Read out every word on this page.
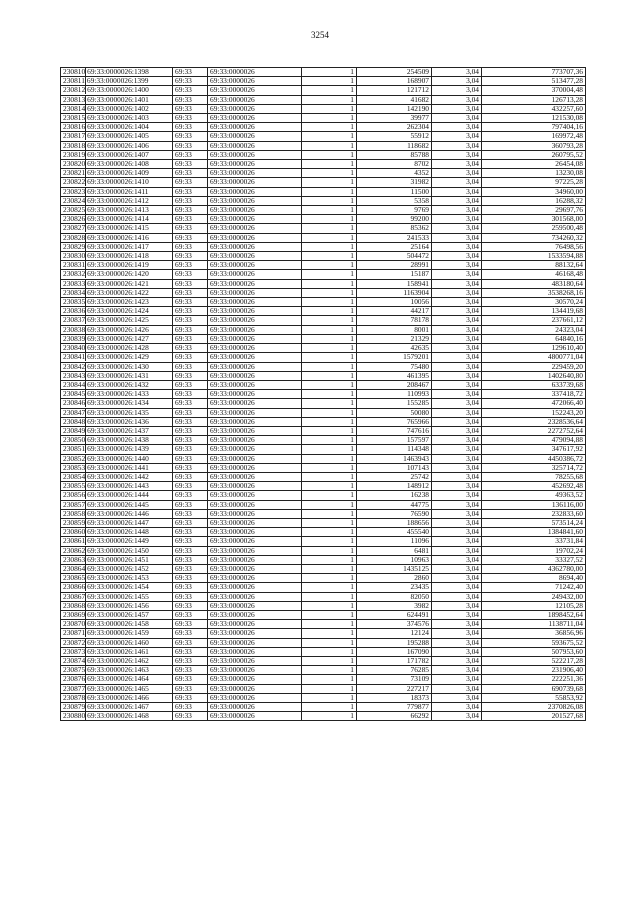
3254
230810 69:33:0000026:1398	69:33	69:33:0000026	1	254509	3,04	773707,36
230811 69:33:0000026:1399	69:33	69:33:0000026	1	168907	3,04	513477,28
230812 69:33:0000026:1400	69:33	69:33:0000026	1	121712	3,04	370004,48
230813 69:33:0000026:1401	69:33	69:33:0000026	1	41682	3,04	126713,28
230814 69:33:0000026:1402	69:33	69:33:0000026	1	142190	3,04	432257,60
230815 69:33:0000026:1403	69:33	69:33:0000026	1	39977	3,04	121530,08
230816 69:33:0000026:1404	69:33	69:33:0000026	1	262304	3,04	797404,16
230817 69:33:0000026:1405	69:33	69:33:0000026	1	55912	3,04	169972,48
230818 69:33:0000026:1406	69:33	69:33:0000026	1	118682	3,04	360793,28
230819 69:33:0000026:1407	69:33	69:33:0000026	1	85788	3,04	260795,52
230820 69:33:0000026:1408	69:33	69:33:0000026	1	8702	3,04	26454,08
230821 69:33:0000026:1409	69:33	69:33:0000026	1	4352	3,04	13230,08
230822 69:33:0000026:1410	69:33	69:33:0000026	1	31982	3,04	97225,28
230823 69:33:0000026:1411	69:33	69:33:0000026	1	11500	3,04	34960,00
230824 69:33:0000026:1412	69:33	69:33:0000026	1	5358	3,04	16288,32
230825 69:33:0000026:1413	69:33	69:33:0000026	1	9769	3,04	29697,76
230826 69:33:0000026:1414	69:33	69:33:0000026	1	99200	3,04	301568,00
230827 69:33:0000026:1415	69:33	69:33:0000026	1	85362	3,04	259500,48
230828 69:33:0000026:1416	69:33	69:33:0000026	1	241533	3,04	734260,32
230829 69:33:0000026:1417	69:33	69:33:0000026	1	25164	3,04	76498,56
230830 69:33:0000026:1418	69:33	69:33:0000026	1	504472	3,04	1533594,88
230831 69:33:0000026:1419	69:33	69:33:0000026	1	28991	3,04	88132,64
230832 69:33:0000026:1420	69:33	69:33:0000026	1	15187	3,04	46168,48
230833 69:33:0000026:1421	69:33	69:33:0000026	1	158941	3,04	483180,64
230834 69:33:0000026:1422	69:33	69:33:0000026	1	1163904	3,04	3538268,16
230835 69:33:0000026:1423	69:33	69:33:0000026	1	10056	3,04	30570,24
230836 69:33:0000026:1424	69:33	69:33:0000026	1	44217	3,04	134419,68
230837 69:33:0000026:1425	69:33	69:33:0000026	1	78178	3,04	237661,12
230838 69:33:0000026:1426	69:33	69:33:0000026	1	8001	3,04	24323,04
230839 69:33:0000026:1427	69:33	69:33:0000026	1	21329	3,04	64840,16
230840 69:33:0000026:1428	69:33	69:33:0000026	1	42635	3,04	129610,40
230841 69:33:0000026:1429	69:33	69:33:0000026	1	1579201	3,04	4800771,04
230842 69:33:0000026:1430	69:33	69:33:0000026	1	75480	3,04	229459,20
230843 69:33:0000026:1431	69:33	69:33:0000026	1	461395	3,04	1402640,80
230844 69:33:0000026:1432	69:33	69:33:0000026	1	208467	3,04	633739,68
230845 69:33:0000026:1433	69:33	69:33:0000026	1	110993	3,04	337418,72
230846 69:33:0000026:1434	69:33	69:33:0000026	1	155285	3,04	472066,40
230847 69:33:0000026:1435	69:33	69:33:0000026	1	50080	3,04	152243,20
230848 69:33:0000026:1436	69:33	69:33:0000026	1	765966	3,04	2328536,64
230849 69:33:0000026:1437	69:33	69:33:0000026	1	747616	3,04	2272752,64
230850 69:33:0000026:1438	69:33	69:33:0000026	1	157597	3,04	479094,88
230851 69:33:0000026:1439	69:33	69:33:0000026	1	114348	3,04	347617,92
230852 69:33:0000026:1440	69:33	69:33:0000026	1	1463943	3,04	4450386,72
230853 69:33:0000026:1441	69:33	69:33:0000026	1	107143	3,04	325714,72
230854 69:33:0000026:1442	69:33	69:33:0000026	1	25742	3,04	78255,68
230855 69:33:0000026:1443	69:33	69:33:0000026	1	148912	3,04	452692,48
230856 69:33:0000026:1444	69:33	69:33:0000026	1	16238	3,04	49363,52
230857 69:33:0000026:1445	69:33	69:33:0000026	1	44775	3,04	136116,00
230858 69:33:0000026:1446	69:33	69:33:0000026	1	76590	3,04	232833,60
230859 69:33:0000026:1447	69:33	69:33:0000026	1	188656	3,04	573514,24
230860 69:33:0000026:1448	69:33	69:33:0000026	1	455540	3,04	1384841,60
230861 69:33:0000026:1449	69:33	69:33:0000026	1	11096	3,04	33731,84
230862 69:33:0000026:1450	69:33	69:33:0000026	1	6481	3,04	19702,24
230863 69:33:0000026:1451	69:33	69:33:0000026	1	10963	3,04	33327,52
230864 69:33:0000026:1452	69:33	69:33:0000026	1	1435125	3,04	4362780,00
230865 69:33:0000026:1453	69:33	69:33:0000026	1	2860	3,04	8694,40
230866 69:33:0000026:1454	69:33	69:33:0000026	1	23435	3,04	71242,40
230867 69:33:0000026:1455	69:33	69:33:0000026	1	82050	3,04	249432,00
230868 69:33:0000026:1456	69:33	69:33:0000026	1	3982	3,04	12105,28
230869 69:33:0000026:1457	69:33	69:33:0000026	1	624491	3,04	1898452,64
230870 69:33:0000026:1458	69:33	69:33:0000026	1	374576	3,04	1138711,04
230871 69:33:0000026:1459	69:33	69:33:0000026	1	12124	3,04	36856,96
230872 69:33:0000026:1460	69:33	69:33:0000026	1	195288	3,04	593675,52
230873 69:33:0000026:1461	69:33	69:33:0000026	1	167090	3,04	507953,60
230874 69:33:0000026:1462	69:33	69:33:0000026	1	171782	3,04	522217,28
230875 69:33:0000026:1463	69:33	69:33:0000026	1	76285	3,04	231906,40
230876 69:33:0000026:1464	69:33	69:33:0000026	1	73109	3,04	222251,36
230877 69:33:0000026:1465	69:33	69:33:0000026	1	227217	3,04	690739,68
230878 69:33:0000026:1466	69:33	69:33:0000026	1	18373	3,04	55853,92
230879 69:33:0000026:1467	69:33	69:33:0000026	1	779877	3,04	2370826,08
230880 69:33:0000026:1468	69:33	69:33:0000026	1	66292	3,04	201527,68
